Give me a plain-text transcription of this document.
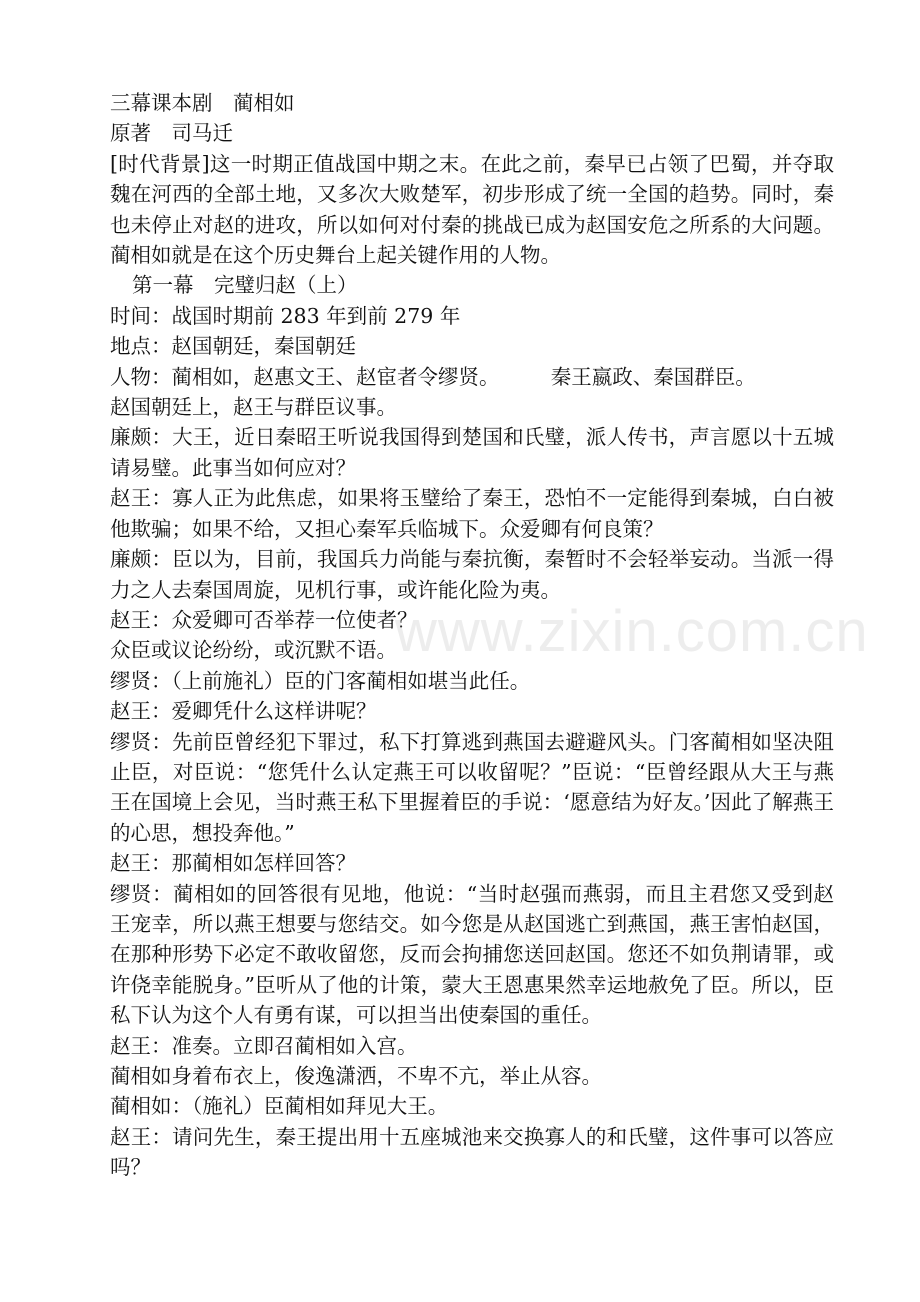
三幕课本剧　蔺相如

原著　司马迁

[时代背景]这一时期正值战国中期之末。在此之前，秦早已占领了巴蜀，并夺取魏在河西的全部土地，又多次大败楚军，初步形成了统一全国的趋势。同时，秦也未停止对赵的进攻，所以如何对付秦的挑战已成为赵国安危之所系的大问题。蔺相如就是在这个历史舞台上起关键作用的人物。

第一幕　完璧归赵（上）

时间：战国时期前 283 年到前 279 年

地点：赵国朝廷，秦国朝廷

人物：蔺相如，赵惠文王、赵宦者令缪贤。　　　秦王嬴政、秦国群臣。

赵国朝廷上，赵王与群臣议事。

廉颇：大王，近日秦昭王听说我国得到楚国和氏璧，派人传书，声言愿以十五城请易璧。此事当如何应对？

赵王：寡人正为此焦虑，如果将玉璧给了秦王，恐怕不一定能得到秦城，白白被他欺骗；如果不给，又担心秦军兵临城下。众爱卿有何良策？

廉颇：臣以为，目前，我国兵力尚能与秦抗衡，秦暂时不会轻举妄动。当派一得力之人去秦国周旋，见机行事，或许能化险为夷。

赵王：众爱卿可否举荐一位使者？

众臣或议论纷纷，或沉默不语。

缪贤：（上前施礼）臣的门客蔺相如堪当此任。

赵王：爱卿凭什么这样讲呢？

缪贤：先前臣曾经犯下罪过，私下打算逃到燕国去避避风头。门客蔺相如坚决阻止臣，对臣说：“您凭什么认定燕王可以收留呢？”臣说：“臣曾经跟从大王与燕王在国境上会见，当时燕王私下里握着臣的手说：‘愿意结为好友。’因此了解燕王的心思，想投奔他。”

赵王：那蔺相如怎样回答？

缪贤：蔺相如的回答很有见地，他说：“当时赵强而燕弱，而且主君您又受到赵王宠幸，所以燕王想要与您结交。如今您是从赵国逃亡到燕国，燕王害怕赵国，在那种形势下必定不敢收留您，反而会拘捕您送回赵国。您还不如负荆请罪，或许侥幸能脱身。”臣听从了他的计策，蒙大王恩惠果然幸运地赦免了臣。所以，臣私下认为这个人有勇有谋，可以担当出使秦国的重任。

赵王：准奏。立即召蔺相如入宫。

蔺相如身着布衣上，俊逸潇洒，不卑不亢，举止从容。

蔺相如：（施礼）臣蔺相如拜见大王。

赵王：请问先生，秦王提出用十五座城池来交换寡人的和氏璧，这件事可以答应吗？

www.zixin.com.cn
